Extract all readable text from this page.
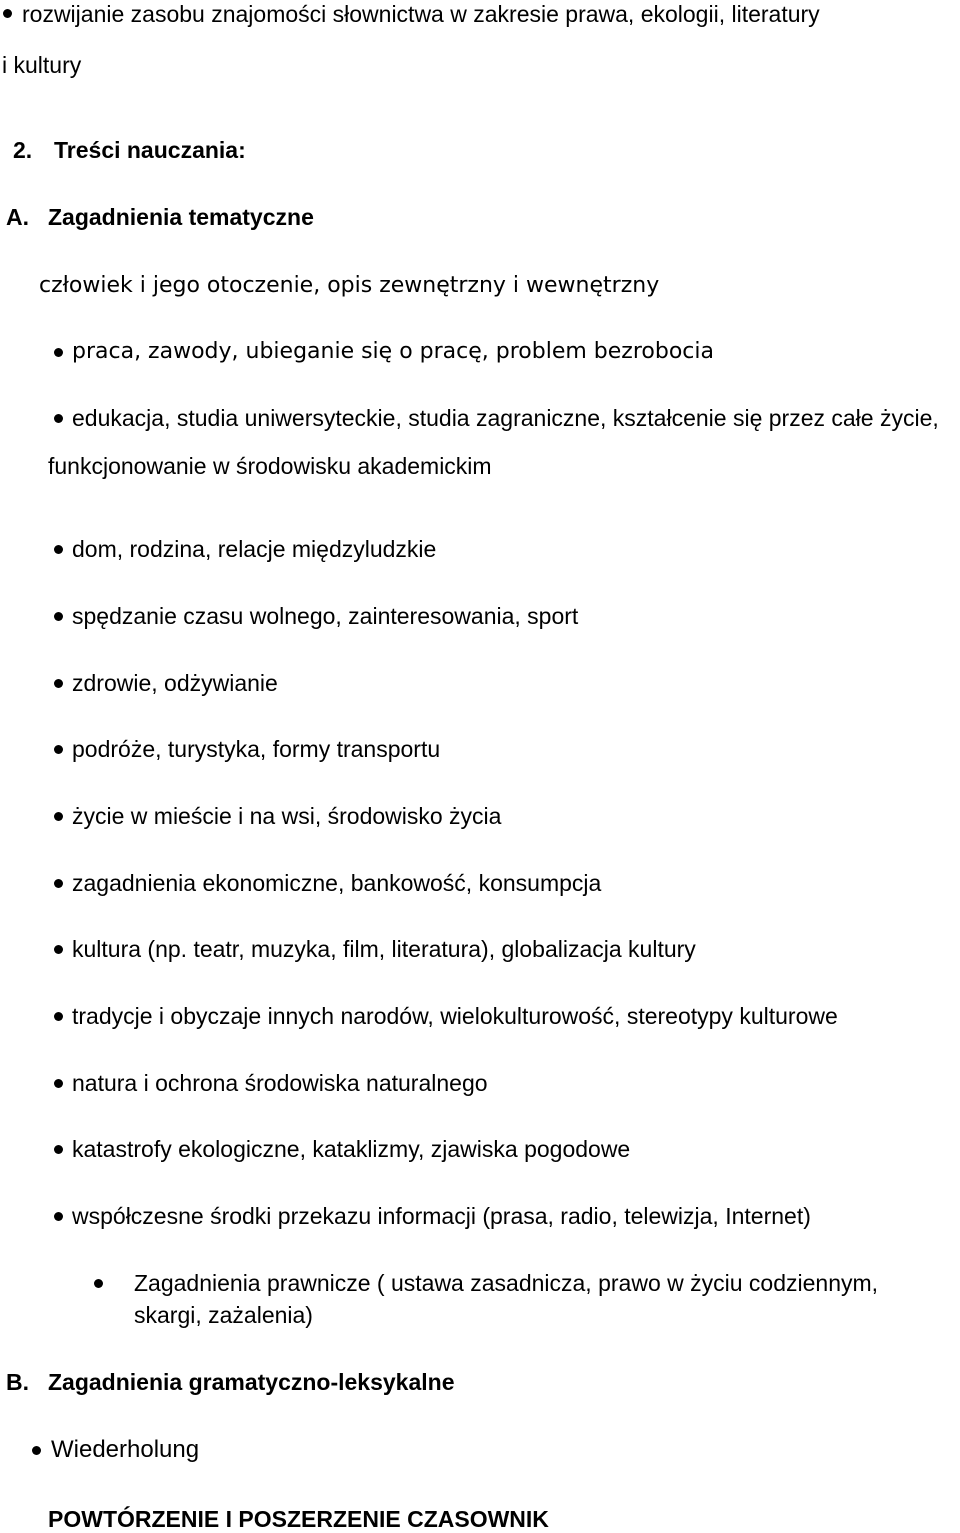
rozwijanie zasobu znajomości słownictwa w zakresie prawa, ekologii, literatury
i kultury
2. Treści nauczania:
A. Zagadnienia tematyczne
człowiek i jego otoczenie, opis zewnętrzny i wewnętrzny
praca, zawody, ubieganie się o pracę, problem bezrobocia
edukacja, studia uniwersyteckie, studia zagraniczne, kształcenie się przez całe życie,
funkcjonowanie w środowisku akademickim
dom, rodzina, relacje międzyludzkie
spędzanie czasu wolnego, zainteresowania, sport
zdrowie, odżywianie
podróże, turystyka, formy transportu
życie w mieście i na wsi, środowisko życia
zagadnienia ekonomiczne, bankowość, konsumpcja
kultura (np. teatr, muzyka, film, literatura), globalizacja kultury
tradycje i obyczaje innych narodów, wielokulturowość, stereotypy kulturowe
natura i ochrona środowiska naturalnego
katastrofy ekologiczne, kataklizmy, zjawiska pogodowe
współczesne środki przekazu informacji (prasa, radio, telewizja, Internet)
Zagadnienia prawnicze ( ustawa zasadnicza, prawo w życiu codziennym,
skargi, zażalenia)
B. Zagadnienia gramatyczno-leksykalne
Wiederholung
POWTÓRZENIE I POSZERZENIE CZASOWNIK
